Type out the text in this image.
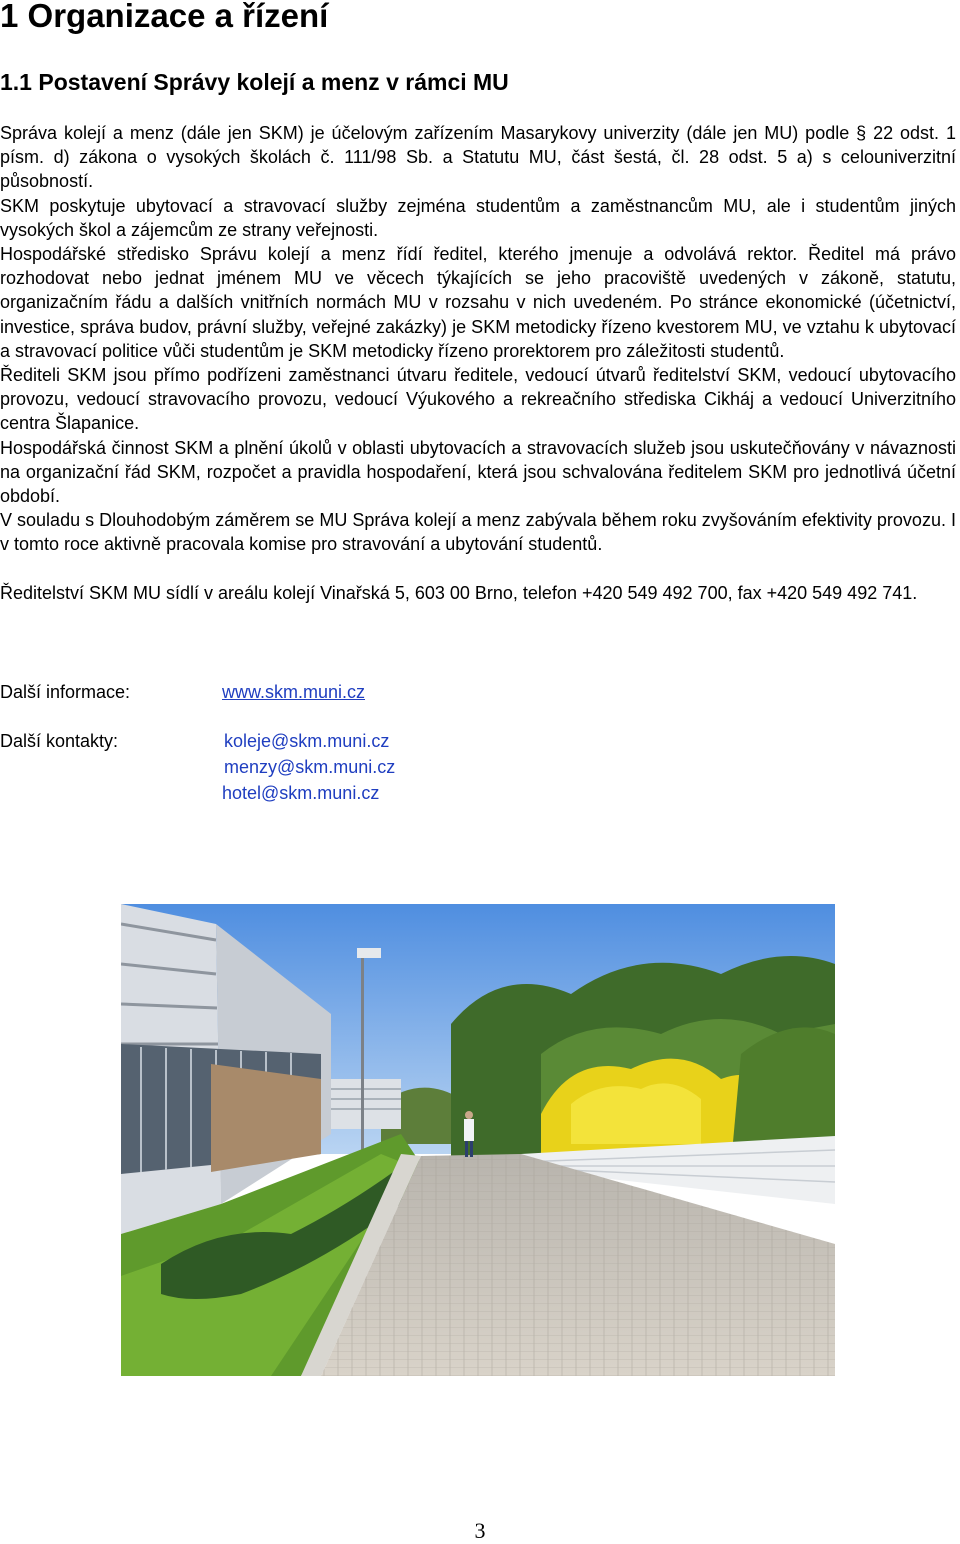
1 Organizace a řízení
1.1 Postavení Správy kolejí a menz v rámci MU

Správa kolejí a menz (dále jen SKM) je účelovým zařízením Masarykovy univerzity (dále jen MU) podle § 22 odst. 1 písm. d) zákona o vysokých školách č. 111/98 Sb. a Statutu MU, část šestá, čl. 28 odst. 5 a) s celouniverzitní působností.

SKM poskytuje ubytovací a stravovací služby zejména studentům a zaměstnancům MU, ale i studentům jiných vysokých škol a zájemcům ze strany veřejnosti.

Hospodářské středisko Správu kolejí a menz řídí ředitel, kterého jmenuje a odvolává rektor. Ředitel má právo rozhodovat nebo jednat jménem MU ve věcech týkajících se jeho pracoviště uvedených v zákoně, statutu, organizačním řádu a dalších vnitřních normách MU v rozsahu v nich uvedeném. Po stránce ekonomické (účetnictví, investice, správa budov, právní služby, veřejné zakázky) je SKM metodicky řízeno kvestorem MU, ve vztahu k ubytovací a stravovací politice vůči studentům je SKM metodicky řízeno prorektorem pro záležitosti studentů.

Řediteli SKM jsou přímo podřízeni zaměstnanci útvaru ředitele, vedoucí útvarů ředitelství SKM, vedoucí ubytovacího provozu, vedoucí stravovacího provozu, vedoucí Výukového a rekreačního střediska Cikháj a vedoucí Univerzitního centra Šlapanice.

Hospodářská činnost SKM a plnění úkolů v oblasti ubytovacích a stravovacích služeb jsou uskutečňovány v návaznosti na organizační řád SKM, rozpočet a pravidla hospodaření, která jsou schvalována ředitelem SKM pro jednotlivá účetní období.

V souladu s Dlouhodobým záměrem se MU Správa kolejí a menz zabývala během roku zvyšováním efektivity provozu. I v tomto roce aktivně pracovala komise pro stravování a ubytování studentů.

Ředitelství SKM MU sídlí v areálu kolejí Vinařská 5, 603 00 Brno, telefon +420 549 492 700, fax +420 549 492 741.

Další informace:	www.skm.muni.cz
Další kontakty:	koleje@skm.muni.cz
menzy@skm.muni.cz
hotel@skm.muni.cz
3
